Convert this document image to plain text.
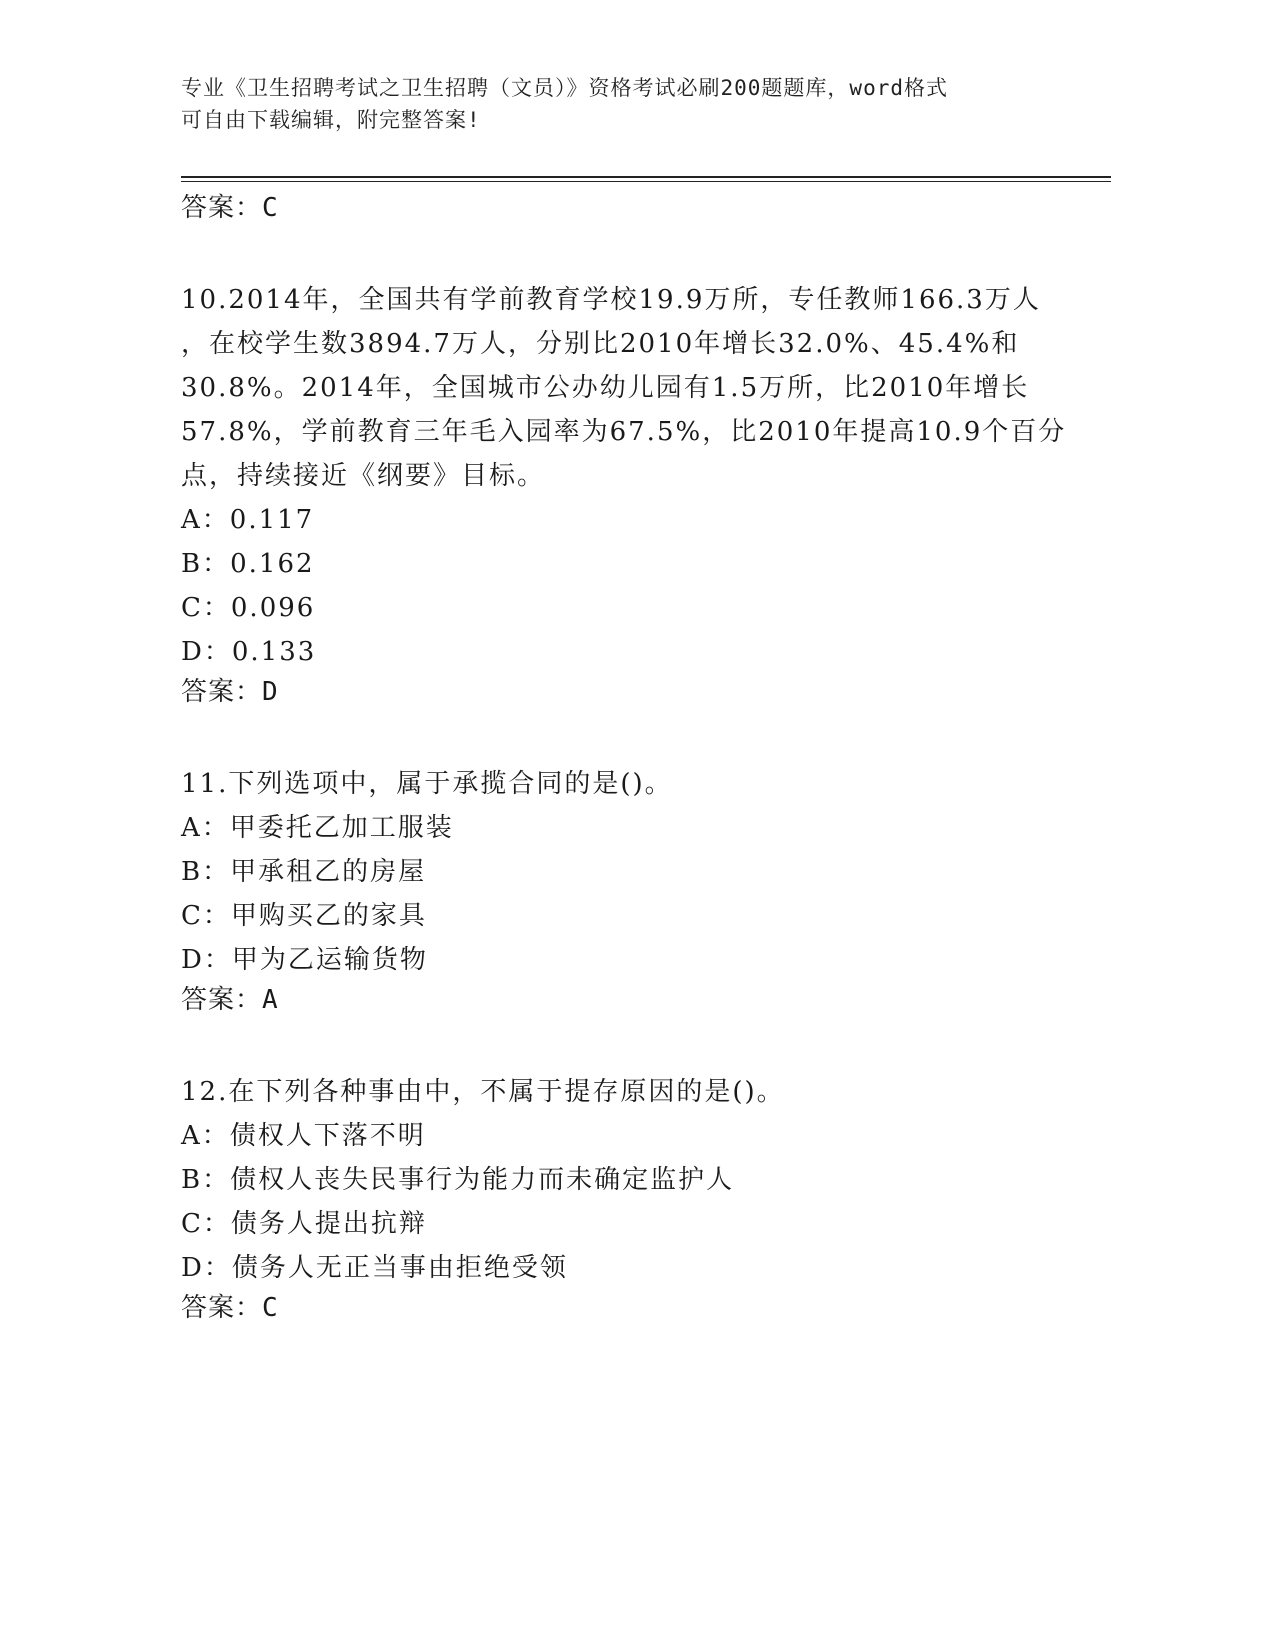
专业《卫生招聘考试之卫生招聘（文员）》资格考试必刷200题题库，word格式
可自由下载编辑，附完整答案!

答案：C

10.2014年，全国共有学前教育学校19.9万所，专任教师166.3万人

，在校学生数3894.7万人，分别比2010年增长32.0%、45.4%和

30.8%。2014年，全国城市公办幼儿园有1.5万所，比2010年增长

57.8%，学前教育三年毛入园率为67.5%，比2010年提高10.9个百分

点，持续接近《纲要》目标。

A：0.117

B：0.162

C：0.096

D：0.133

答案：D

11.下列选项中，属于承揽合同的是()。

A：甲委托乙加工服装

B：甲承租乙的房屋

C：甲购买乙的家具

D：甲为乙运输货物

答案：A

12.在下列各种事由中，不属于提存原因的是()。

A：债权人下落不明

B：债权人丧失民事行为能力而未确定监护人

C：债务人提出抗辩

D：债务人无正当事由拒绝受领

答案：C
